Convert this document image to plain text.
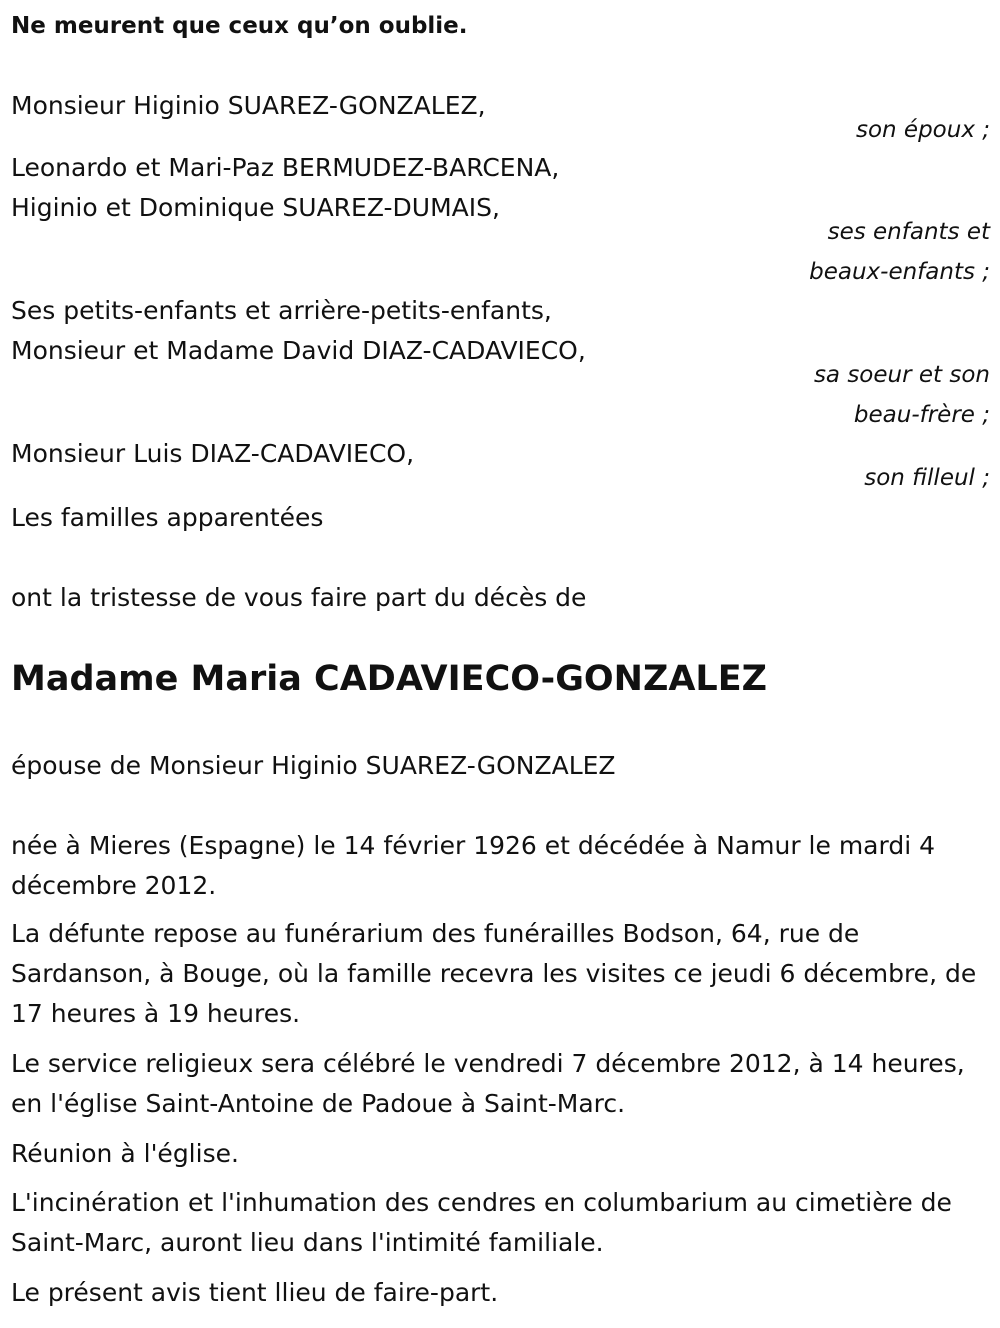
Ne meurent que ceux qu’on oublie.
Monsieur Higinio SUAREZ-GONZALEZ,
son époux ;
Leonardo et Mari-Paz BERMUDEZ-BARCENA,
Higinio et Dominique SUAREZ-DUMAIS,
ses enfants et
beaux-enfants ;
Ses petits-enfants et arrière-petits-enfants,
Monsieur et Madame David DIAZ-CADAVIECO,
sa soeur et son
beau-frère ;
Monsieur Luis DIAZ-CADAVIECO,
son filleul ;
Les familles apparentées
ont la tristesse de vous faire part du décès de
Madame Maria CADAVIECO-GONZALEZ
épouse de Monsieur Higinio SUAREZ-GONZALEZ
née à Mieres (Espagne) le 14 février 1926 et décédée à Namur le mardi 4 décembre 2012.
La défunte repose au funérarium des funérailles Bodson, 64, rue de Sardanson, à Bouge, où la famille recevra les visites ce jeudi 6 décembre, de 17 heures à 19 heures.
Le service religieux sera célébré le vendredi 7 décembre 2012, à 14 heures, en l'église Saint-Antoine de Padoue à Saint-Marc.
Réunion à l'église.
L'incinération et l'inhumation des cendres en columbarium au cimetière de Saint-Marc, auront lieu dans l'intimité familiale.
Le présent avis tient llieu de faire-part.
